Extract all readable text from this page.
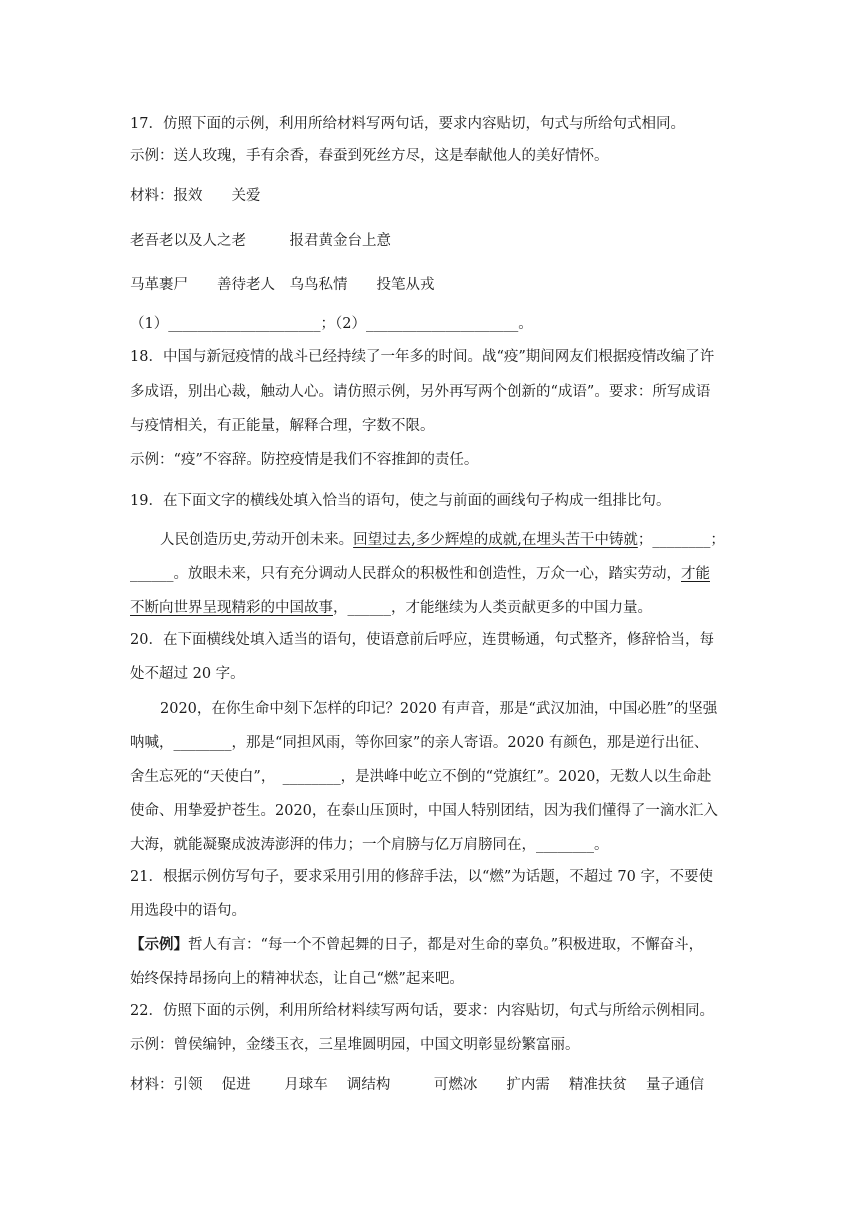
17．仿照下面的示例，利用所给材料写两句话，要求内容贴切，句式与所给句式相同。
示例：送人玫瑰，手有余香，春蚕到死丝方尽，这是奉献他人的美好情怀。
材料：报效　　关爱
老吾老以及人之老　　　报君黄金台上意
马革裹尸　　善待老人　乌鸟私情　　投笔从戎
（1）_____________________；（2）_____________________。
18．中国与新冠疫情的战斗已经持续了一年多的时间。战“疫”期间网友们根据疫情改编了许
多成语，别出心裁，触动人心。请仿照示例，另外再写两个创新的“成语”。要求：所写成语
与疫情相关，有正能量，解释合理，字数不限。
示例：“疫”不容辞。防控疫情是我们不容推卸的责任。
19．在下面文字的横线处填入恰当的语句，使之与前面的画线句子构成一组排比句。
人民创造历史,劳动开创未来。回望过去,多少辉煌的成就,在埋头苦干中铸就；________；
______。放眼未来，只有充分调动人民群众的积极性和创造性，万众一心，踏实劳动，才能
不断向世界呈现精彩的中国故事，______，才能继续为人类贡献更多的中国力量。
20．在下面横线处填入适当的语句，使语意前后呼应，连贯畅通，句式整齐，修辞恰当，每
处不超过 20 字。
2020，在你生命中刻下怎样的印记？2020 有声音，那是“武汉加油，中国必胜”的坚强
呐喊，________，那是“同担风雨，等你回家”的亲人寄语。2020 有颜色，那是逆行出征、
舍生忘死的“天使白”，　________，是洪峰中屹立不倒的“党旗红”。2020，无数人以生命赴
使命、用挚爱护苍生。2020，在泰山压顶时，中国人特别团结，因为我们懂得了一滴水汇入
大海，就能凝聚成波涛澎湃的伟力；一个肩膀与亿万肩膀同在，________。
21．根据示例仿写句子，要求采用引用的修辞手法，以“燃”为话题，不超过 70 字，不要使
用选段中的语句。
【示例】哲人有言：“每一个不曾起舞的日子，都是对生命的辜负。”积极进取，不懈奋斗，
始终保持昂扬向上的精神状态，让自己“燃”起来吧。
22．仿照下面的示例，利用所给材料续写两句话，要求：内容贴切，句式与所给示例相同。
示例：曾侯编钟，金缕玉衣，三星堆圆明园，中国文明彰显纷繁富丽。
材料：引领　 促进　　 月球车　 调结构　　　可燃冰　　扩内需　 精准扶贫　 量子通信
